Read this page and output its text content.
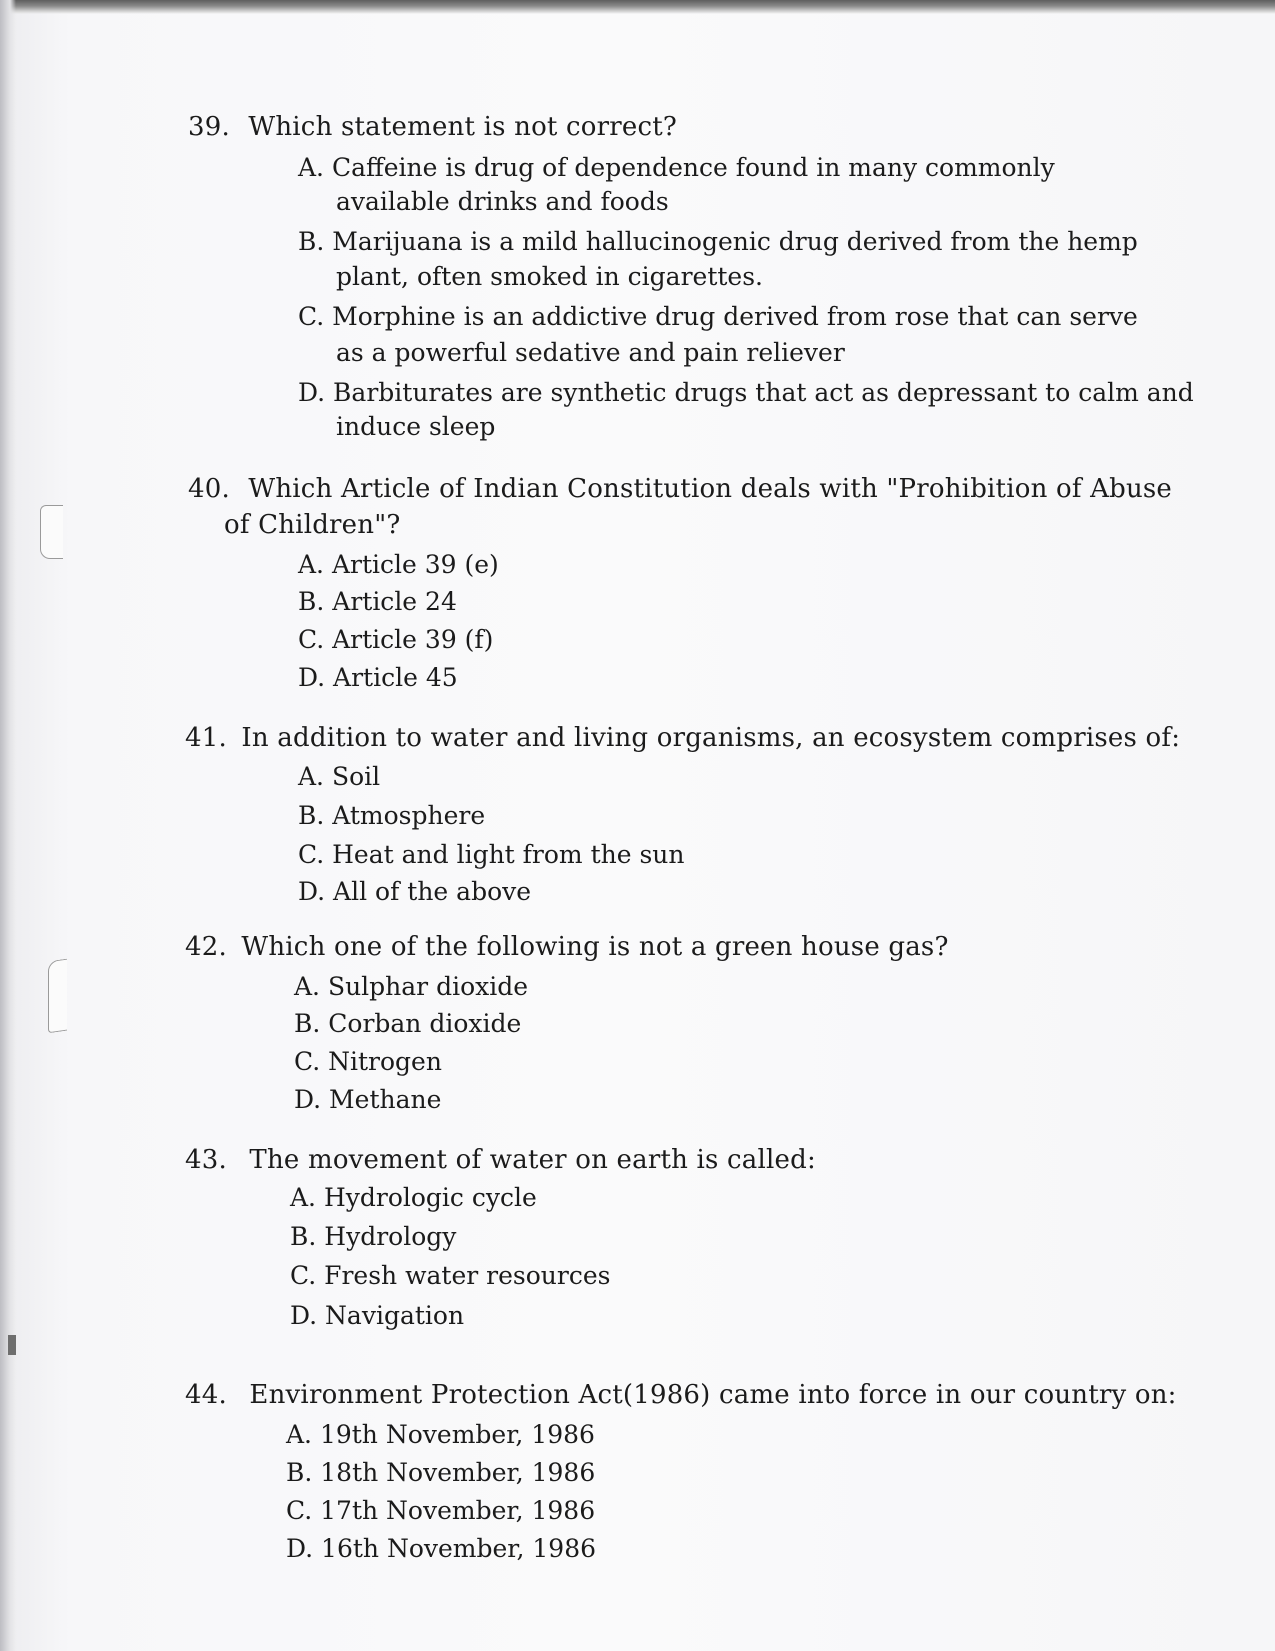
39. Which statement is not correct?
A. Caffeine is drug of dependence found in many commonly
available drinks and foods
B. Marijuana is a mild hallucinogenic drug derived from the hemp
plant, often smoked in cigarettes.
C. Morphine is an addictive drug derived from rose that can serve
as a powerful sedative and pain reliever
D. Barbiturates are synthetic drugs that act as depressant to calm and
induce sleep
40. Which Article of Indian Constitution deals with "Prohibition of Abuse
of Children"?
A. Article 39 (e)
B. Article 24
C. Article 39 (f)
D. Article 45
41. In addition to water and living organisms, an ecosystem comprises of:
A. Soil
B. Atmosphere
C. Heat and light from the sun
D. All of the above
42. Which one of the following is not a green house gas?
A. Sulphar dioxide
B. Corban dioxide
C. Nitrogen
D. Methane
43. The movement of water on earth is called:
A. Hydrologic cycle
B. Hydrology
C. Fresh water resources
D. Navigation
44. Environment Protection Act(1986) came into force in our country on:
A. 19th November, 1986
B. 18th November, 1986
C. 17th November, 1986
D. 16th November, 1986
